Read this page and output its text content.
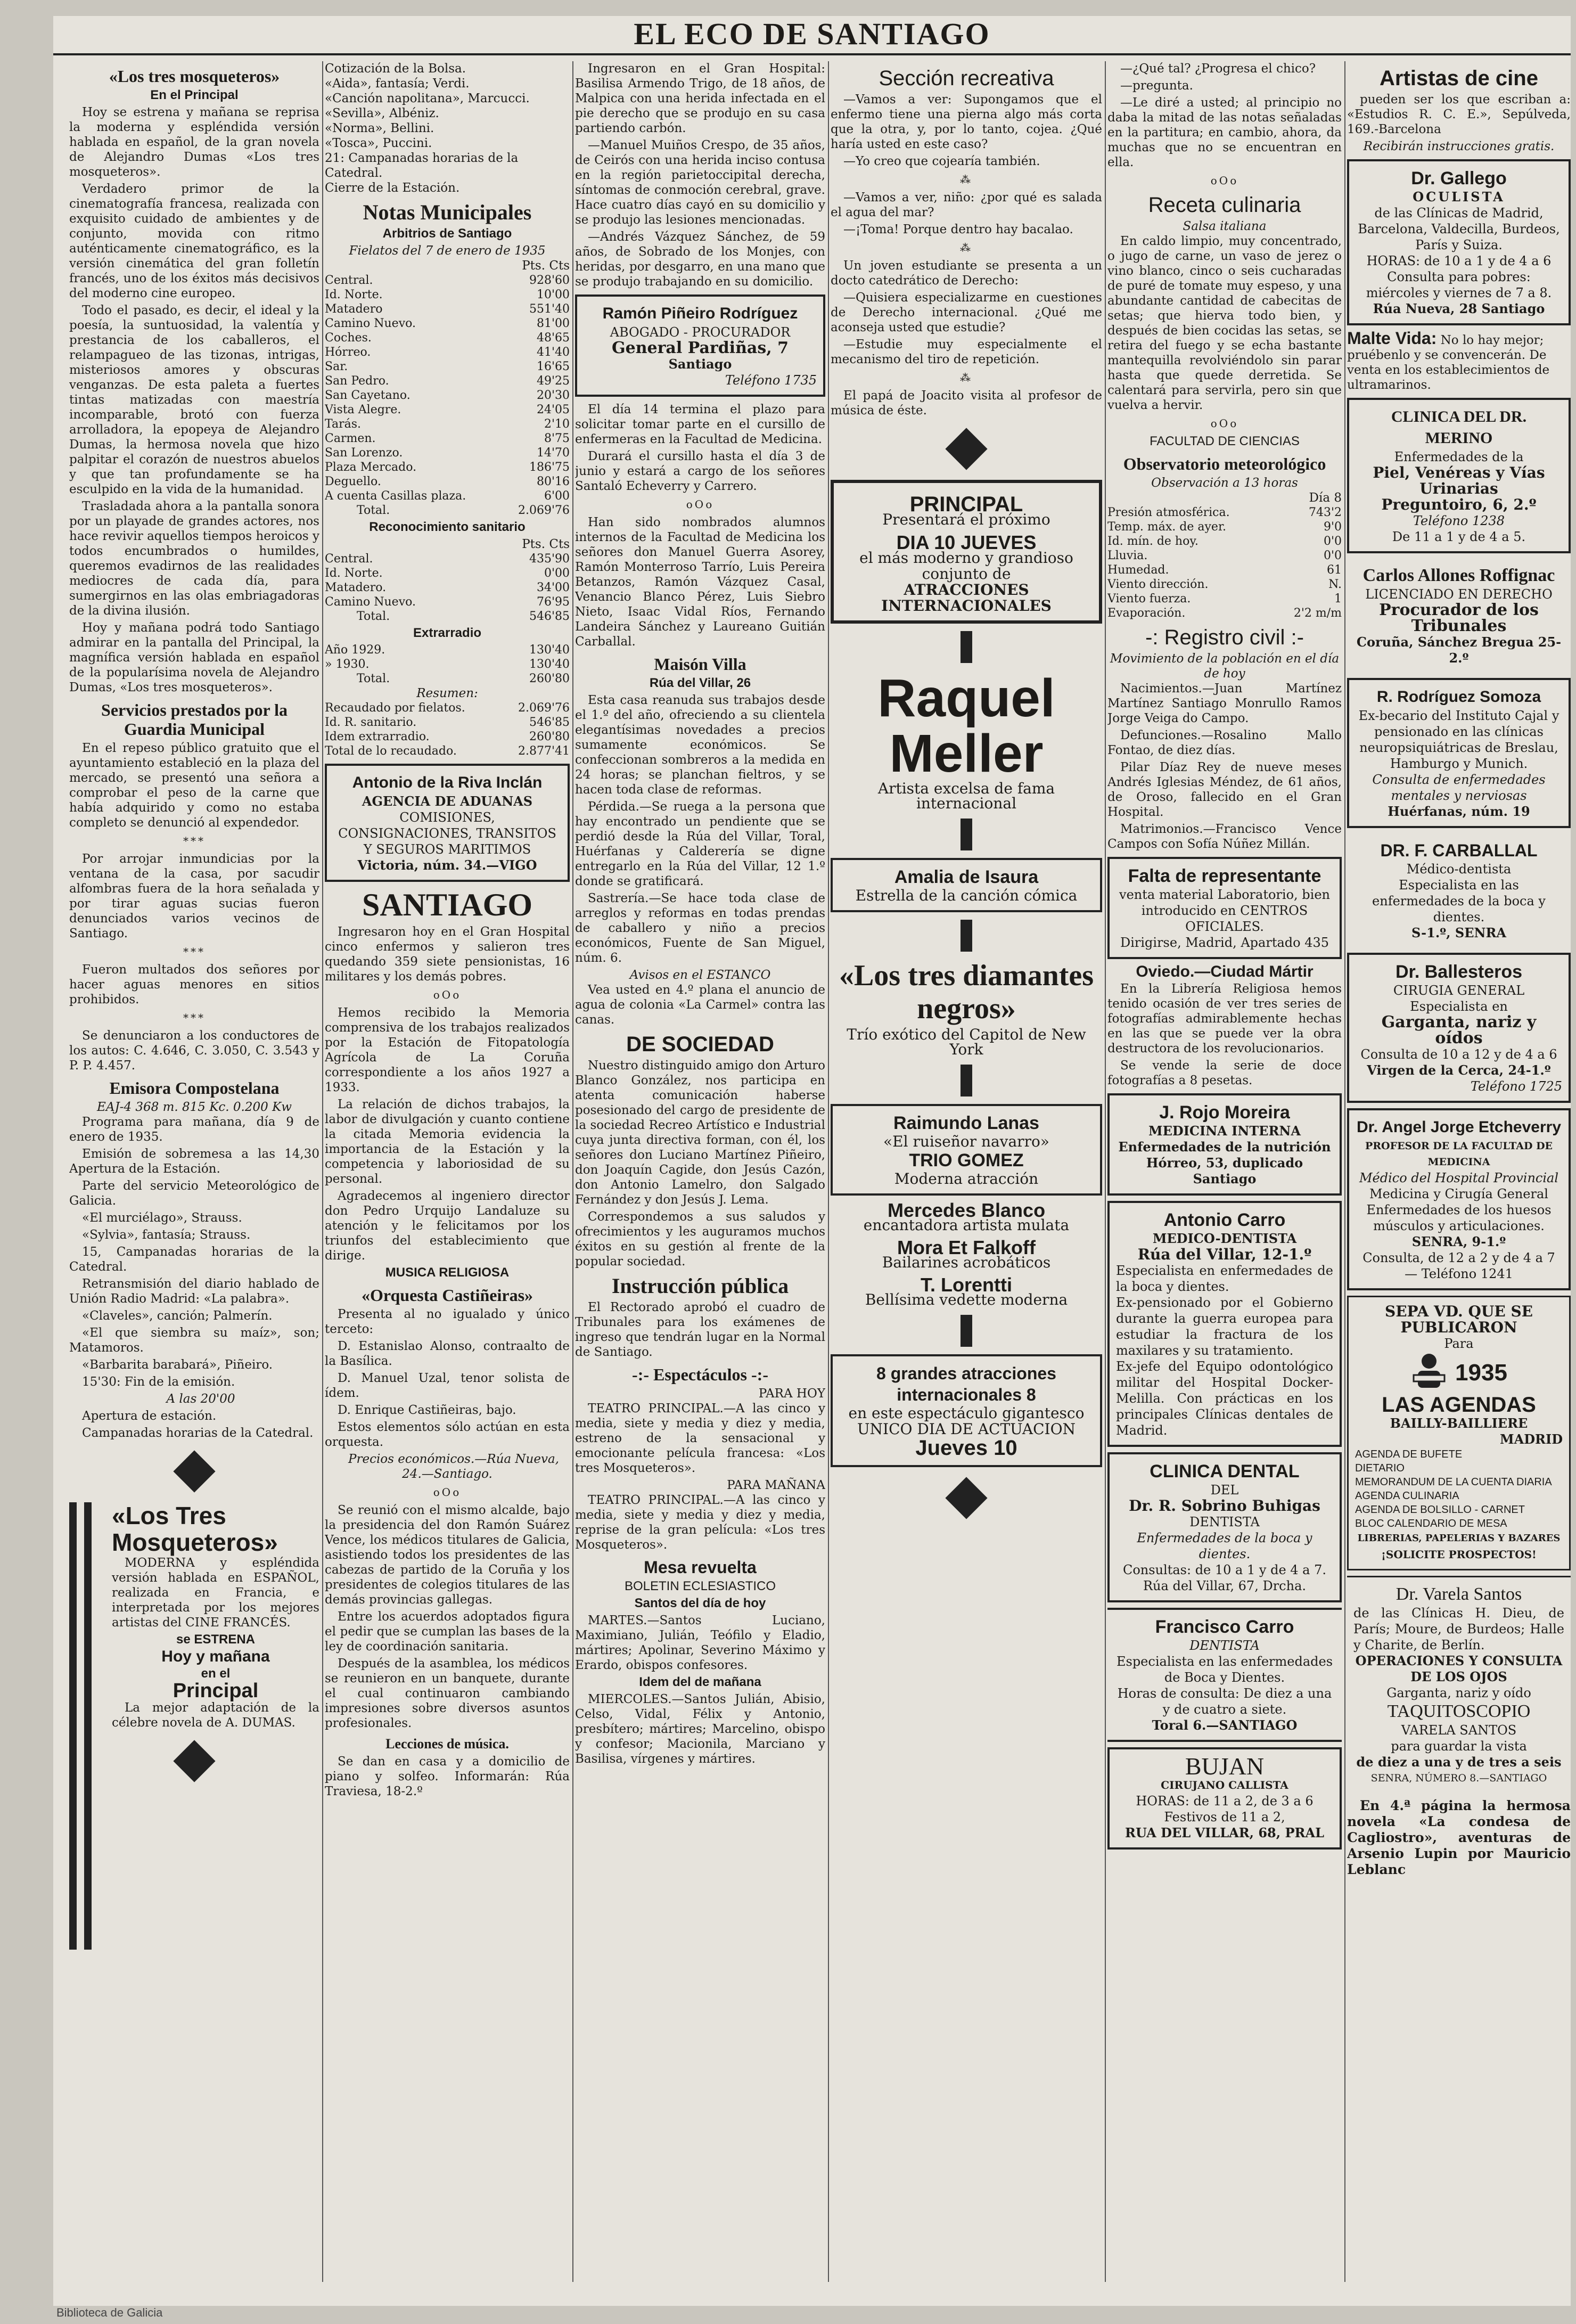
EL ECO DE SANTIAGO
«Los tres mosqueteros»
En el Principal

Hoy se estrena y mañana se reprisa la moderna y espléndida versión hablada en español, de la gran novela de Alejandro Dumas «Los tres mosqueteros».

Verdadero primor de la cinematografía francesa, realizada con exquisito cuidado de ambientes y de conjunto, movida con ritmo auténticamente cinematográfico, es la versión cinemática del gran folletín francés, uno de los éxitos más decisivos del moderno cine europeo.

Todo el pasado, es decir, el ideal y la poesía, la suntuosidad, la valentía y prestancia de los caballeros, el relampagueo de las tizonas, intrigas, misteriosos amores y obscuras venganzas. De esta paleta a fuertes tintas matizadas con maestría incomparable, brotó con fuerza arrolladora, la epopeya de Alejandro Dumas, la hermosa novela que hizo palpitar el corazón de nuestros abuelos y que tan profundamente se ha esculpido en la vida de la humanidad.

Trasladada ahora a la pantalla sonora por un playade de grandes actores, nos hace revivir aquellos tiempos heroicos y todos encumbrados o humildes, queremos evadirnos de las realidades mediocres de cada día, para sumergirnos en las olas embriagadoras de la divina ilusión.

Hoy y mañana podrá todo Santiago admirar en la pantalla del Principal, la magnífica versión hablada en español de la popularísima novela de Alejandro Dumas, «Los tres mosqueteros».

Servicios prestados por la Guardia Municipal

En el repeso público gratuito que el ayuntamiento estableció en la plaza del mercado, se presentó una señora a comprobar el peso de la carne que había adquirido y como no estaba completo se denunció al expendedor.

***

Por arrojar inmundicias por la ventana de la casa, por sacudir alfombras fuera de la hora señalada y por tirar aguas sucias fueron denunciados varios vecinos de Santiago.

***

Fueron multados dos señores por hacer aguas menores en sitios prohibidos.

***

Se denunciaron a los conductores de los autos: C. 4.646, C. 3.050, C. 3.543 y P. P. 4.457.

Emisora Compostelana
EAJ-4 368 m. 815 Kc. 0.200 Kw

Programa para mañana, día 9 de enero de 1935.

Emisión de sobremesa a las 14,30 Apertura de la Estación.

Parte del servicio Meteorológico de Galicia.

«El murciélago», Strauss.

«Sylvia», fantasía; Strauss.

15, Campanadas horarias de la Catedral.

Retransmisión del diario hablado de Unión Radio Madrid: «La palabra».

«Claveles», canción; Palmerín.

«El que siembra su maíz», son; Matamoros.

«Barbarita barabará», Piñeiro.

15'30: Fin de la emisión.

A las 20'00

Apertura de estación.

Campanadas horarias de la Catedral.

«Los Tres Mosqueteros»

MODERNA y espléndida versión hablada en ESPAÑOL, realizada en Francia, e interpretada por los mejores artistas del CINE FRANCÉS.

se ESTRENA
Hoy y mañana
en el
Principal

La mejor adaptación de la célebre novela de A. DUMAS.

Cotización de la Bolsa.
«Aida», fantasía; Verdi.
«Canción napolitana», Marcucci.
«Sevilla», Albéniz.
«Norma», Bellini.
«Tosca», Puccini.
21: Campanadas horarias de la Catedral.
Cierre de la Estación.
Notas Municipales
Arbitrios de Santiago
Fielatos del 7 de enero de 1935
Pts. Cts
Central.	928'60
Id. Norte.	10'00
Matadero	551'40
Camino Nuevo.	81'00
Coches.	48'65
Hórreo.	41'40
Sar.	16'65
San Pedro.	49'25
San Cayetano.	20'30
Vista Alegre.	24'05
Tarás.	2'10
Carmen.	8'75
San Lorenzo.	14'70
Plaza Mercado.	186'75
Deguello.	80'16
A cuenta Casillas plaza.	6'00
Total.	2.069'76
Reconocimiento sanitario
Pts. Cts
Central.	435'90
Id. Norte.	0'00
Matadero.	34'00
Camino Nuevo.	76'95
Total.	546'85
Extrarradio
Año 1929.	130'40
» 1930.	130'40
Total.	260'80
Resumen:
Recaudado por fielatos.	2.069'76
Id. R. sanitario.	546'85
Idem extrarradio.	260'80
Total de lo recaudado.	2.877'41
Antonio de la Riva Inclán
AGENCIA DE ADUANAS
COMISIONES, CONSIGNACIONES, TRANSITOS Y SEGUROS MARITIMOS
Victoria, núm. 34.—VIGO
SANTIAGO

Ingresaron hoy en el Gran Hospital cinco enfermos y salieron tres quedando 359 siete pensionistas, 16 militares y los demás pobres.

oOo

Hemos recibido la Memoria comprensiva de los trabajos realizados por la Estación de Fitopatología Agrícola de La Coruña correspondiente a los años 1927 a 1933.

La relación de dichos trabajos, la labor de divulgación y cuanto contiene la citada Memoria evidencia la importancia de la Estación y la competencia y laboriosidad de su personal.

Agradecemos al ingeniero director don Pedro Urquijo Landaluze su atención y le felicitamos por los triunfos del establecimiento que dirige.

MUSICA RELIGIOSA
«Orquesta Castiñeiras»

Presenta al no igualado y único terceto:

D. Estanislao Alonso, contraalto de la Basílica.

D. Manuel Uzal, tenor solista de ídem.

D. Enrique Castiñeiras, bajo.

Estos elementos sólo actúan en esta orquesta.

Precios económicos.—Rúa Nueva, 24.—Santiago.

oOo

Se reunió con el mismo alcalde, bajo la presidencia del don Ramón Suárez Vence, los médicos titulares de Galicia, asistiendo todos los presidentes de las cabezas de partido de la Coruña y los presidentes de colegios titulares de las demás provincias gallegas.

Entre los acuerdos adoptados figura el pedir que se cumplan las bases de la ley de coordinación sanitaria.

Después de la asamblea, los médicos se reunieron en un banquete, durante el cual continuaron cambiando impresiones sobre diversos asuntos profesionales.

Lecciones de música.

Se dan en casa y a domicilio de piano y solfeo. Informarán: Rúa Traviesa, 18-2.º

Ingresaron en el Gran Hospital: Basilisa Armendo Trigo, de 18 años, de Malpica con una herida infectada en el pie derecho que se produjo en su casa partiendo carbón.

—Manuel Muiños Crespo, de 35 años, de Ceirós con una herida inciso contusa en la región parietoccipital derecha, síntomas de conmoción cerebral, grave. Hace cuatro días cayó en su domicilio y se produjo las lesiones mencionadas.

—Andrés Vázquez Sánchez, de 59 años, de Sobrado de los Monjes, con heridas, por desgarro, en una mano que se produjo trabajando en su domicilio.

Ramón Piñeiro Rodríguez
ABOGADO - PROCURADOR
General Pardiñas, 7
Santiago
Teléfono 1735

El día 14 termina el plazo para solicitar tomar parte en el cursillo de enfermeras en la Facultad de Medicina.

Durará el cursillo hasta el día 3 de junio y estará a cargo de los señores Santaló Echeverry y Carrero.

oOo

Han sido nombrados alumnos internos de la Facultad de Medicina los señores don Manuel Guerra Asorey, Ramón Monterroso Tarrío, Luis Pereira Betanzos, Ramón Vázquez Casal, Venancio Blanco Pérez, Luis Siebro Nieto, Isaac Vidal Ríos, Fernando Landeira Sánchez y Laureano Guitián Carballal.

Maisón Villa
Rúa del Villar, 26

Esta casa reanuda sus trabajos desde el 1.º del año, ofreciendo a su clientela elegantísimas novedades a precios sumamente económicos. Se confeccionan sombreros a la medida en 24 horas; se planchan fieltros, y se hacen toda clase de reformas.

Pérdida.—Se ruega a la persona que hay encontrado un pendiente que se perdió desde la Rúa del Villar, Toral, Huérfanas y Calderería se digne entregarlo en la Rúa del Villar, 12 1.º donde se gratificará.

Sastrería.—Se hace toda clase de arreglos y reformas en todas prendas de caballero y niño a precios económicos, Fuente de San Miguel, núm. 6.

Avisos en el ESTANCO

Vea usted en 4.º plana el anuncio de agua de colonia «La Carmel» contra las canas.

DE SOCIEDAD

Nuestro distinguido amigo don Arturo Blanco González, nos participa en atenta comunicación haberse posesionado del cargo de presidente de la sociedad Recreo Artístico e Industrial cuya junta directiva forman, con él, los señores don Luciano Martínez Piñeiro, don Joaquín Cagide, don Jesús Cazón, don Antonio Lamelro, don Salgado Fernández y don Jesús J. Lema.

Correspondemos a sus saludos y ofrecimientos y les auguramos muchos éxitos en su gestión al frente de la popular sociedad.

Instrucción pública

El Rectorado aprobó el cuadro de Tribunales para los exámenes de ingreso que tendrán lugar en la Normal de Santiago.

-:- Espectáculos -:-
PARA HOY

TEATRO PRINCIPAL.—A las cinco y media, siete y media y diez y media, estreno de la sensacional y emocionante película francesa: «Los tres Mosqueteros».

PARA MAÑANA

TEATRO PRINCIPAL.—A las cinco y media, siete y media y diez y media, reprise de la gran película: «Los tres Mosqueteros».

Mesa revuelta
BOLETIN ECLESIASTICO
Santos del día de hoy

MARTES.—Santos Luciano, Maximiano, Julián, Teófilo y Eladio, mártires; Apolinar, Severino Máximo y Erardo, obispos confesores.

Idem del de mañana

MIERCOLES.—Santos Julián, Abisio, Celso, Vidal, Félix y Antonio, presbítero; mártires; Marcelino, obispo y confesor; Macionila, Marciano y Basilisa, vírgenes y mártires.

Sección recreativa

—Vamos a ver: Supongamos que el enfermo tiene una pierna algo más corta que la otra, y, por lo tanto, cojea. ¿Qué haría usted en este caso?

—Yo creo que cojearía también.

⁂

—Vamos a ver, niño: ¿por qué es salada el agua del mar?

—¡Toma! Porque dentro hay bacalao.

⁂

Un joven estudiante se presenta a un docto catedrático de Derecho:

—Quisiera especializarme en cuestiones de Derecho internacional. ¿Qué me aconseja usted que estudie?

—Estudie muy especialmente el mecanismo del tiro de repetición.

⁂

El papá de Joacito visita al profesor de música de éste.

PRINCIPAL
Presentará el próximo
DIA 10 JUEVES
el más moderno y grandioso conjunto de
ATRACCIONES INTERNACIONALES
Raquel Meller
Artista excelsa de fama internacional
Amalia de Isaura
Estrella de la canción cómica
«Los tres diamantes negros»
Trío exótico del Capitol de New York
Raimundo Lanas
«El ruiseñor navarro»
TRIO GOMEZ
Moderna atracción
Mercedes Blanco
encantadora artista mulata
Mora Et Falkoff
Bailarines acrobáticos
T. Lorentti
Bellísima vedette moderna
8 grandes atracciones internacionales 8
en este espectáculo gigantesco
UNICO DIA DE ACTUACION
Jueves 10

—¿Qué tal? ¿Progresa el chico?

—pregunta.

—Le diré a usted; al principio no daba la mitad de las notas señaladas en la partitura; en cambio, ahora, da muchas que no se encuentran en ella.

oOo
Receta culinaria
Salsa italiana

En caldo limpio, muy concentrado, o jugo de carne, un vaso de jerez o vino blanco, cinco o seis cucharadas de puré de tomate muy espeso, y una abundante cantidad de cabecitas de setas; que hierva todo bien, y después de bien cocidas las setas, se retira del fuego y se echa bastante mantequilla revolviéndolo sin parar hasta que quede derretida. Se calentará para servirla, pero sin que vuelva a hervir.

oOo
FACULTAD DE CIENCIAS
Observatorio meteorológico
Observación a 13 horas
Día 8
Presión atmosférica.	743'2
Temp. máx. de ayer.	9'0
Id. mín. de hoy.	0'0
Lluvia.	0'0
Humedad.	61
Viento dirección.	N.
Viento fuerza.	1
Evaporación.	2'2 m/m
-: Registro civil :-
Movimiento de la población en el día de hoy

Nacimientos.—Juan Martínez Martínez Santiago Monrullo Ramos Jorge Veiga do Campo.

Defunciones.—Rosalino Mallo Fontao, de diez días.

Pilar Díaz Rey de nueve meses Andrés Iglesias Méndez, de 61 años, de Oroso, fallecido en el Gran Hospital.

Matrimonios.—Francisco Vence Campos con Sofía Núñez Millán.

Falta de representante
venta material Laboratorio, bien introducido en CENTROS OFICIALES.
Dirigirse, Madrid, Apartado 435
Oviedo.—Ciudad Mártir

En la Librería Religiosa hemos tenido ocasión de ver tres series de fotografías admirablemente hechas en las que se puede ver la obra destructora de los revolucionarios.

Se vende la serie de doce fotografías a 8 pesetas.

J. Rojo Moreira
MEDICINA INTERNA
Enfermedades de la nutrición
Hórreo, 53, duplicado
Santiago
Antonio Carro
MEDICO-DENTISTA
Rúa del Villar, 12-1.º
Especialista en enfermedades de la boca y dientes.
Ex-pensionado por el Gobierno durante la guerra europea para estudiar la fractura de los maxilares y su tratamiento.
Ex-jefe del Equipo odontológico militar del Hospital Docker-Melilla. Con prácticas en los principales Clínicas dentales de Madrid.
CLINICA DENTAL
DEL
Dr. R. Sobrino Buhigas
DENTISTA
Enfermedades de la boca y dientes.
Consultas: de 10 a 1 y de 4 a 7.
Rúa del Villar, 67, Drcha.
Francisco Carro
DENTISTA
Especialista en las enfermedades de Boca y Dientes.
Horas de consulta: De diez a una y de cuatro a siete.
Toral 6.—SANTIAGO
BUJAN
CIRUJANO CALLISTA
HORAS: de 11 a 2, de 3 a 6
Festivos de 11 a 2,
RUA DEL VILLAR, 68, PRAL
Artistas de cine

pueden ser los que escriban a: «Estudios R. C. E.», Sepúlveda, 169.-Barcelona

Recibirán instrucciones gratis.
Dr. Gallego
OCULISTA
de las Clínicas de Madrid, Barcelona, Valdecilla, Burdeos, París y Suiza.
HORAS: de 10 a 1 y de 4 a 6
Consulta para pobres: miércoles y viernes de 7 a 8.
Rúa Nueva, 28 Santiago
Malte Vida: No lo hay mejor; pruébenlo y se convencerán. De venta en los establecimientos de ultramarinos.
CLINICA DEL DR. MERINO
Enfermedades de la
Piel, Venéreas y Vías Urinarias
Preguntoiro, 6, 2.º
Teléfono 1238
De 11 a 1 y de 4 a 5.
Carlos Allones Roffignac
LICENCIADO EN DERECHO
Procurador de los Tribunales
Coruña, Sánchez Bregua 25-2.º
R. Rodríguez Somoza
Ex-becario del Instituto Cajal y pensionado en las clínicas neuropsiquiátricas de Breslau, Hamburgo y Munich.
Consulta de enfermedades mentales y nerviosas
Huérfanas, núm. 19
DR. F. CARBALLAL
Médico-dentista
Especialista en las enfermedades de la boca y dientes.
S-1.º, SENRA
Dr. Ballesteros
CIRUGIA GENERAL
Especialista en
Garganta, nariz y oídos
Consulta de 10 a 12 y de 4 a 6
Virgen de la Cerca, 24-1.º
Teléfono 1725
Dr. Angel Jorge Etcheverry
PROFESOR DE LA FACULTAD DE MEDICINA
Médico del Hospital Provincial
Medicina y Cirugía General
Enfermedades de los huesos músculos y articulaciones.
SENRA, 9-1.º
Consulta, de 12 a 2 y de 4 a 7 — Teléfono 1241
SEPA VD. QUE SE PUBLICARON
Para
1935
LAS AGENDAS
BAILLY-BAILLIERE
MADRID
AGENDA DE BUFETE
DIETARIO
MEMORANDUM DE LA CUENTA DIARIA
AGENDA CULINARIA
AGENDA DE BOLSILLO - CARNET
BLOC CALENDARIO DE MESA
LIBRERIAS, PAPELERIAS Y BAZARES
¡SOLICITE PROSPECTOS!
Dr. Varela Santos
de las Clínicas H. Dieu, de París; Moure, de Burdeos; Halle y Charite, de Berlín.
OPERACIONES Y CONSULTA DE LOS OJOS
Garganta, nariz y oído
TAQUITOSCOPIO
VARELA SANTOS
para guardar la vista
de diez a una y de tres a seis
SENRA, NÚMERO 8.—SANTIAGO

En 4.ª página la hermosa novela «La condesa de Cagliostro», aventuras de Arsenio Lupin por Mauricio Leblanc

Biblioteca de Galicia
